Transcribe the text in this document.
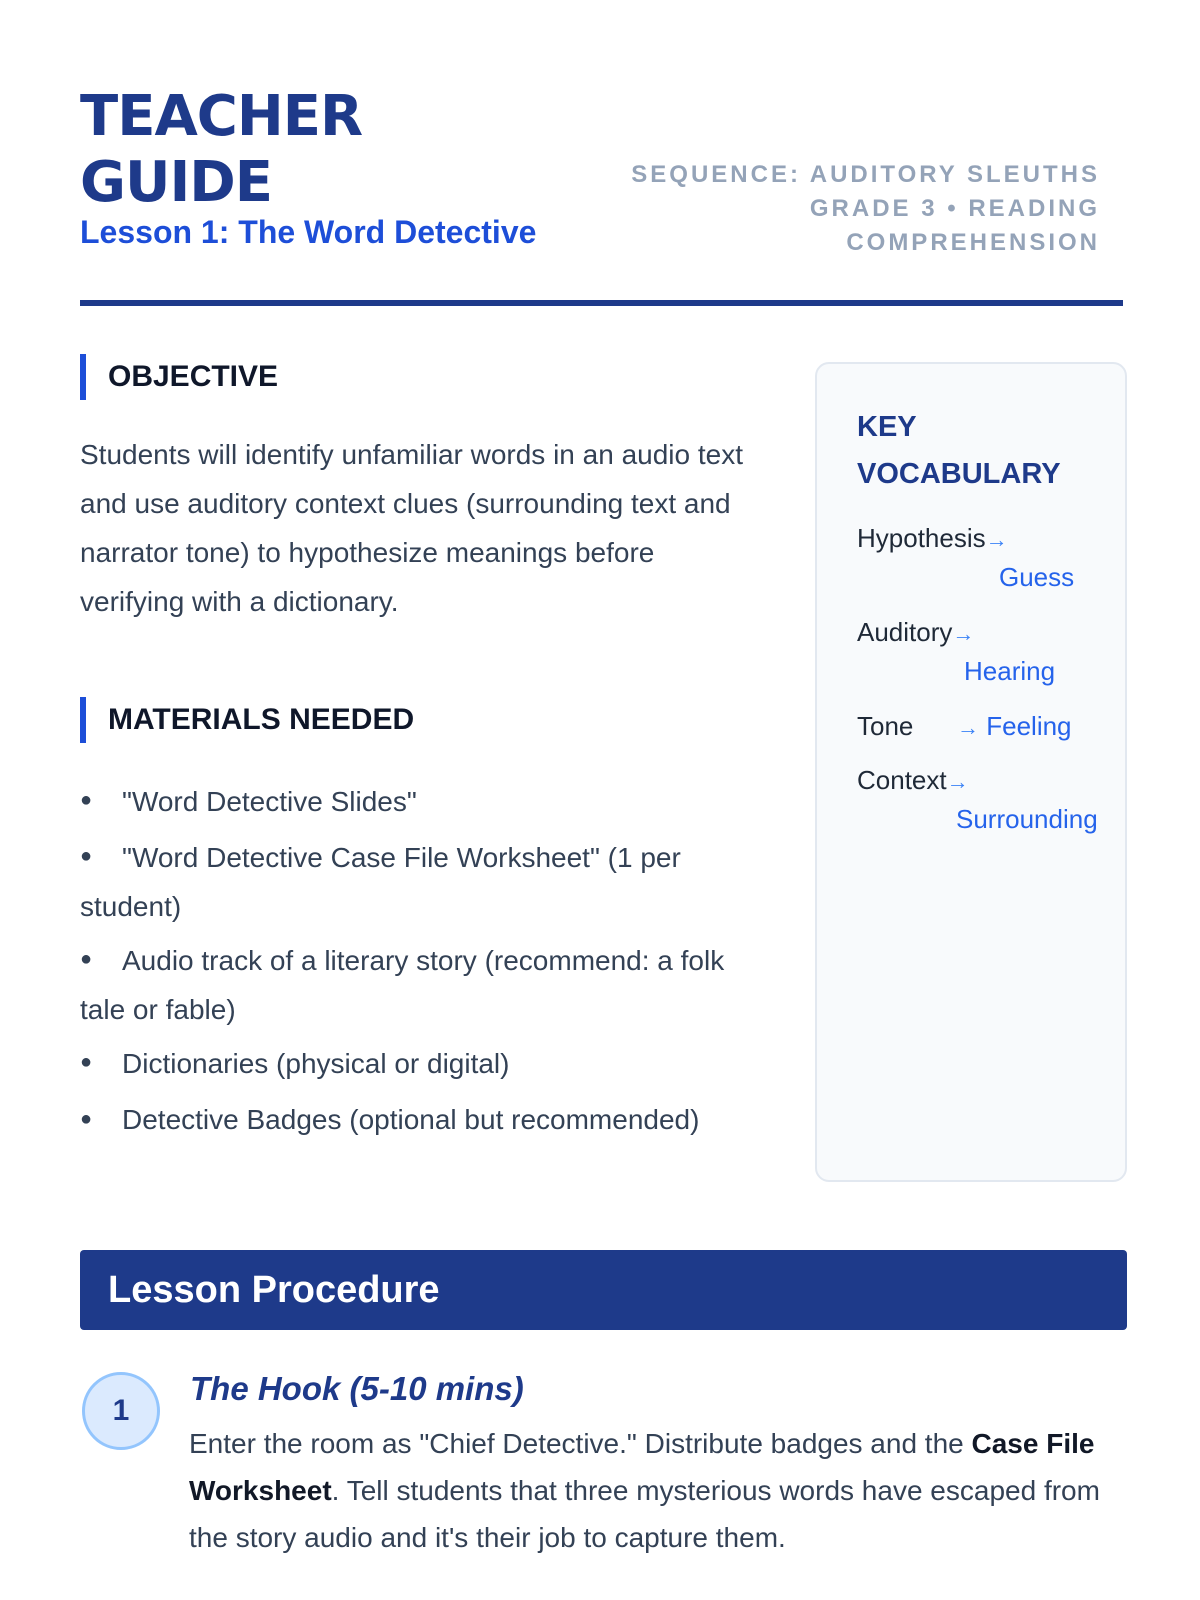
TEACHER
GUIDE
Lesson 1: The Word Detective
SEQUENCE: AUDITORY SLEUTHS
GRADE 3 • READING
COMPREHENSION
OBJECTIVE

Students will identify unfamiliar words in an audio text and use auditory context clues (surrounding text and narrator tone) to hypothesize meanings before verifying with a dictionary.

MATERIALS NEEDED
● "Word Detective Slides"
● "Word Detective Case File Worksheet" (1 per student)
● Audio track of a literary story (recommend: a folk tale or fable)
● Dictionaries (physical or digital)
● Detective Badges (optional but recommended)
KEY VOCABULARY
Hypothesis→
Guess
Auditory→
Hearing
Tone → Feeling
Context→
Surrounding
Lesson Procedure
1
The Hook (5-10 mins)

Enter the room as "Chief Detective." Distribute badges and the Case File Worksheet. Tell students that three mysterious words have escaped from the story audio and it's their job to capture them.
